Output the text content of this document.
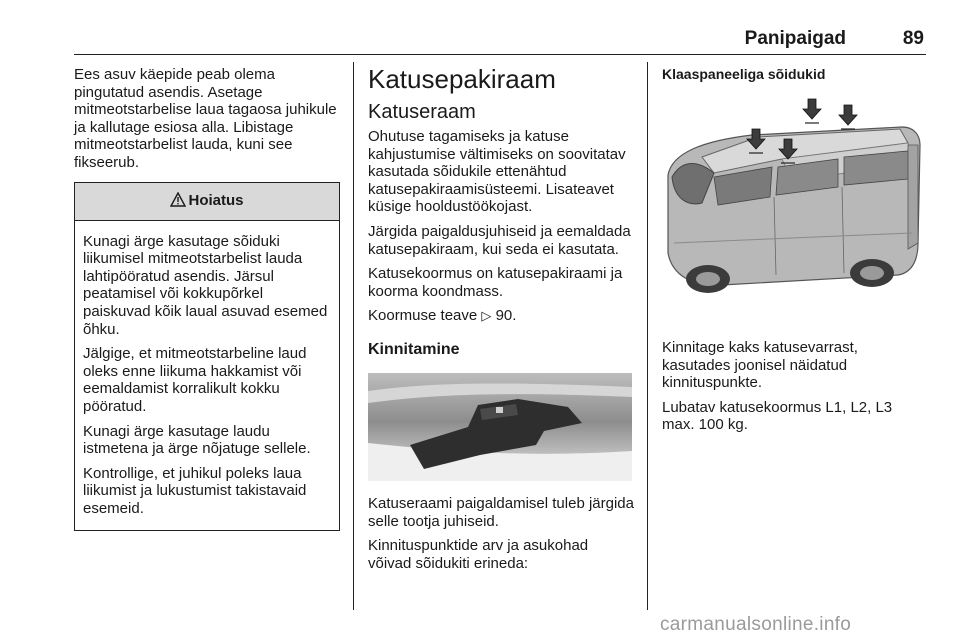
Panipaigad	89

Ees asuv käepide peab olema pingutatud asendis. Asetage mitmeotstarbelise laua tagaosa juhikule ja kallutage esiosa alla. Libistage mitmeotstarbelist lauda, kuni see fikseerub.

Hoiatus

Kunagi ärge kasutage sõiduki liikumisel mitmeotstarbelist lauda lahtipööratud asendis. Järsul peatamisel või kokkupõrkel paiskuvad kõik laual asuvad esemed õhku.

Jälgige, et mitmeotstarbeline laud oleks enne liikuma hakkamist või eemaldamist korralikult kokku pööratud.

Kunagi ärge kasutage laudu istmetena ja ärge nõjatuge sellele.

Kontrollige, et juhikul poleks laua liikumist ja lukustumist takistavaid esemeid.

Katusepakiraam
Katuseraam

Ohutuse tagamiseks ja katuse kahjustumise vältimiseks on soovitatav kasutada sõidukile ettenähtud katusepakiraamisüsteemi. Lisateavet küsige hooldustöökojast.

Järgida paigaldusjuhiseid ja eemaldada katusepakiraam, kui seda ei kasutata.

Katusekoormus on katusepakiraami ja koorma koondmass.

Koormuse teave ▷ 90.

Kinnitamine

Katuseraami paigaldamisel tuleb järgida selle tootja juhiseid.

Kinnituspunktide arv ja asukohad võivad sõidukiti erineda:

Klaaspaneeliga sõidukid

Kinnitage kaks katusevarrast, kasutades joonisel näidatud kinnituspunkte.

Lubatav katusekoormus L1, L2, L3 max. 100 kg.

carmanualsonline.info
